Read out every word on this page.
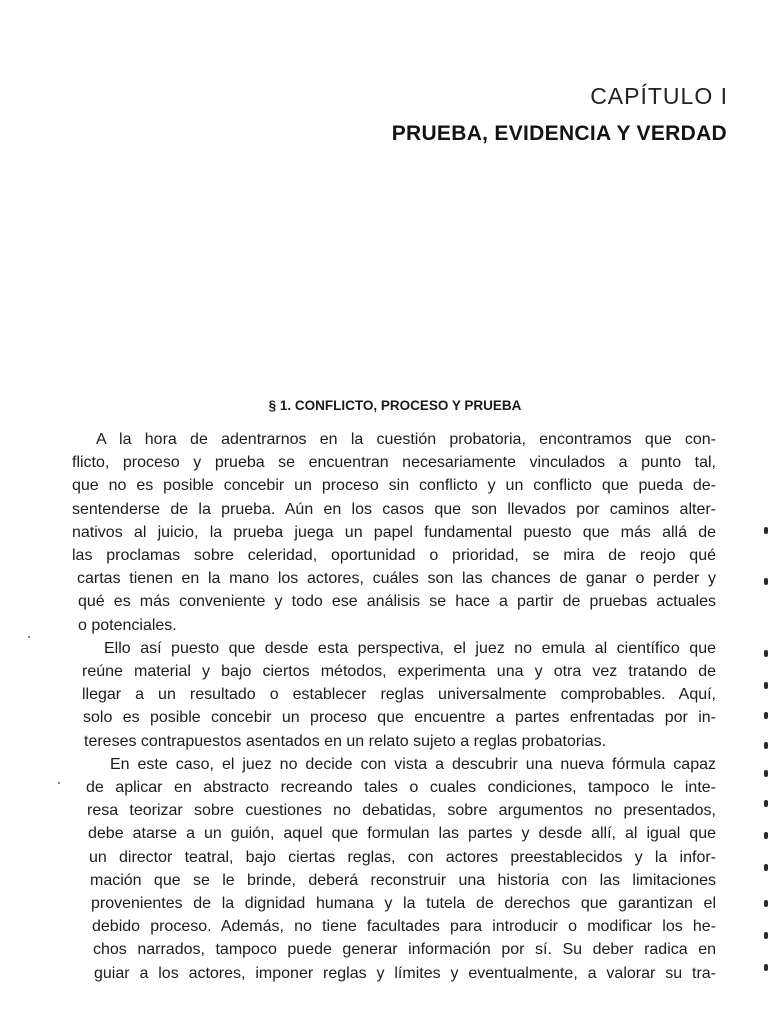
CAPÍTULO I
PRUEBA, EVIDENCIA Y VERDAD
§ 1. CONFLICTO, PROCESO Y PRUEBA
A la hora de adentrarnos en la cuestión probatoria, encontramos que con-
flicto, proceso y prueba se encuentran necesariamente vinculados a punto tal,
que no es posible concebir un proceso sin conflicto y un conflicto que pueda de-
sentenderse de la prueba. Aún en los casos que son llevados por caminos alter-
nativos al juicio, la prueba juega un papel fundamental puesto que más allá de
las proclamas sobre celeridad, oportunidad o prioridad, se mira de reojo qué
cartas tienen en la mano los actores, cuáles son las chances de ganar o perder y
qué es más conveniente y todo ese análisis se hace a partir de pruebas actuales
o potenciales.
Ello así puesto que desde esta perspectiva, el juez no emula al científico que
reúne material y bajo ciertos métodos, experimenta una y otra vez tratando de
llegar a un resultado o establecer reglas universalmente comprobables. Aquí,
solo es posible concebir un proceso que encuentre a partes enfrentadas por in-
tereses contrapuestos asentados en un relato sujeto a reglas probatorias.
En este caso, el juez no decide con vista a descubrir una nueva fórmula capaz
de aplicar en abstracto recreando tales o cuales condiciones, tampoco le inte-
resa teorizar sobre cuestiones no debatidas, sobre argumentos no presentados,
debe atarse a un guión, aquel que formulan las partes y desde allí, al igual que
un director teatral, bajo ciertas reglas, con actores preestablecidos y la infor-
mación que se le brinde, deberá reconstruir una historia con las limitaciones
provenientes de la dignidad humana y la tutela de derechos que garantizan el
debido proceso. Además, no tiene facultades para introducir o modificar los he-
chos narrados, tampoco puede generar información por sí. Su deber radica en
guiar a los actores, imponer reglas y límites y eventualmente, a valorar su tra-
